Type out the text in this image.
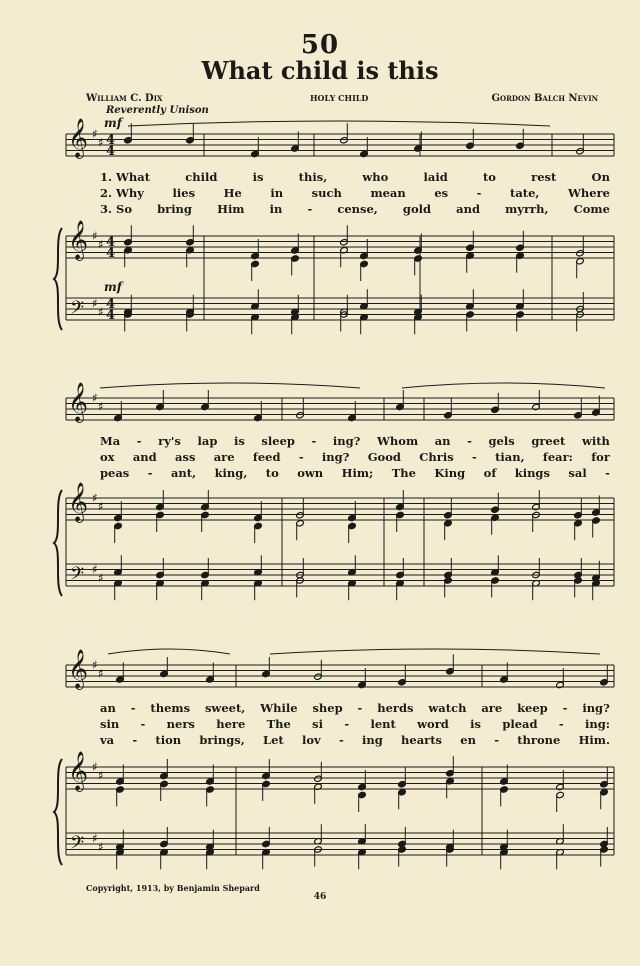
50
What child is this
William C. Dix	HOLY CHILD	Gordon Balch Nevin
Reverently Unison
𝄞
𝄞
𝄢
♯
♯
♯
♯
♯
♯
4
4
4
4
4
4
𝄞
𝄞
𝄢
♯
♯
♯
♯
♯
♯
𝄞
𝄞
𝄢
♯
♯
♯
♯
♯
♯
mf
mf
1. What	child	is	this,	who	laid	to	rest	On
2. Why lies He in such mean es - tate, Where
3. So bring Him in - cense, gold and myrrh, Come
Ma - ry's lap is sleep - ing? Whom an - gels greet with
ox and ass are feed - ing? Good Chris - tian, fear: for
peas - ant, king, to own Him; The King of kings sal -
an - thems sweet, While shep - herds watch are keep - ing?
sin - ners here The si - lent word is plead - ing:
va - tion brings, Let lov - ing hearts en - throne Him.
Copyright, 1913, by Benjamin Shepard
46
